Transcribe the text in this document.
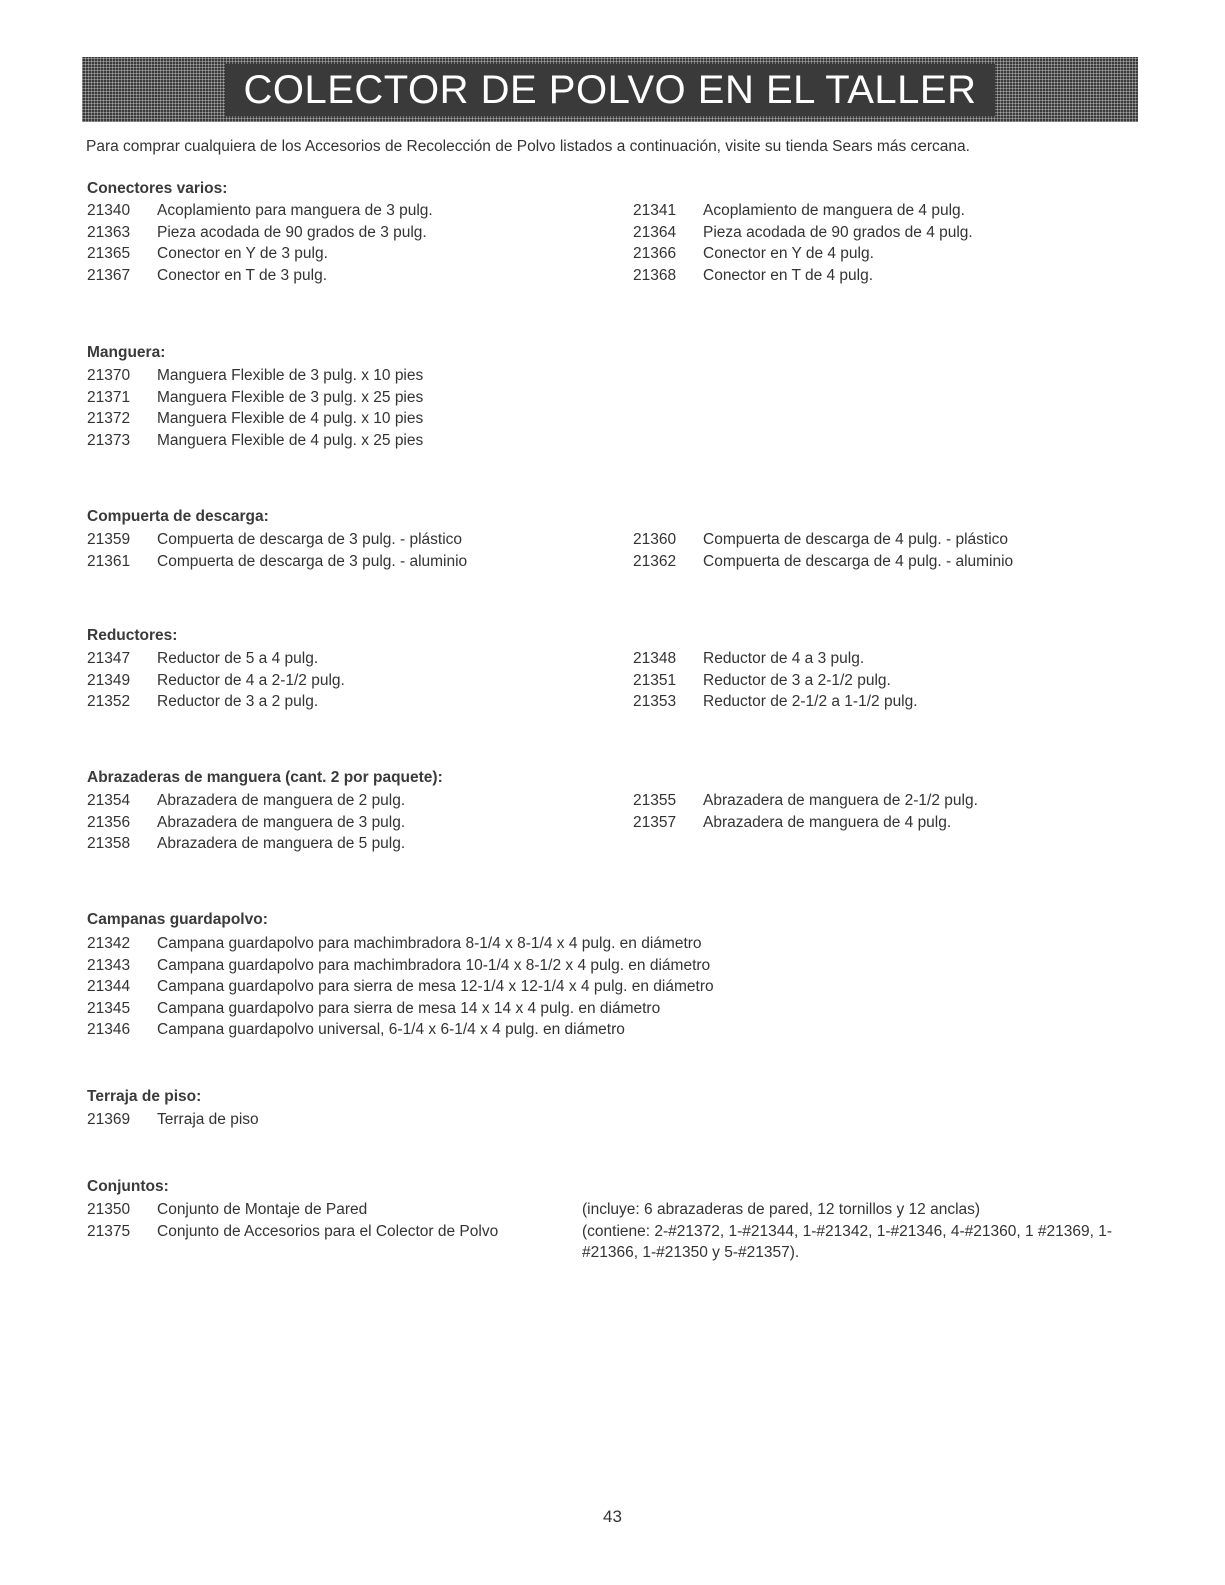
COLECTOR DE POLVO EN EL TALLER
Para comprar cualquiera de los Accesorios de Recolección de Polvo listados a continuación, visite su tienda Sears más cercana.
Conectores varios:
21340 Acoplamiento para manguera de 3 pulg.
21363 Pieza acodada de 90 grados de 3 pulg.
21365 Conector en Y de 3 pulg.
21367 Conector en T de 3 pulg.
21341 Acoplamiento de manguera de 4 pulg.
21364 Pieza acodada de 90 grados de 4 pulg.
21366 Conector en Y de 4 pulg.
21368 Conector en T de 4 pulg.
Manguera:
21370 Manguera Flexible de 3 pulg. x 10 pies
21371 Manguera Flexible de 3 pulg. x 25 pies
21372 Manguera Flexible de 4 pulg. x 10 pies
21373 Manguera Flexible de 4 pulg. x 25 pies
Compuerta de descarga:
21359 Compuerta de descarga de 3 pulg. - plástico
21361 Compuerta de descarga de 3 pulg. - aluminio
21360 Compuerta de descarga de 4 pulg. - plástico
21362 Compuerta de descarga de 4 pulg. - aluminio
Reductores:
21347 Reductor de 5 a 4 pulg.
21349 Reductor de 4 a 2-1/2 pulg.
21352 Reductor de 3 a 2 pulg.
21348 Reductor de 4 a 3 pulg.
21351 Reductor de 3 a 2-1/2 pulg.
21353 Reductor de 2-1/2 a 1-1/2 pulg.
Abrazaderas de manguera (cant. 2 por paquete):
21354 Abrazadera de manguera de 2 pulg.
21356 Abrazadera de manguera de 3 pulg.
21358 Abrazadera de manguera de 5 pulg.
21355 Abrazadera de manguera de 2-1/2 pulg.
21357 Abrazadera de manguera de 4 pulg.
Campanas guardapolvo:
21342 Campana guardapolvo para machimbradora 8-1/4 x 8-1/4 x 4 pulg. en diámetro
21343 Campana guardapolvo para machimbradora 10-1/4 x 8-1/2 x 4 pulg. en diámetro
21344 Campana guardapolvo para sierra de mesa 12-1/4 x 12-1/4 x 4 pulg. en diámetro
21345 Campana guardapolvo para sierra de mesa 14 x 14 x 4 pulg. en diámetro
21346 Campana guardapolvo universal, 6-1/4 x 6-1/4 x 4 pulg. en diámetro
Terraja de piso:
21369 Terraja de piso
Conjuntos:
21350 Conjunto de Montaje de Pared
21375 Conjunto de Accesorios para el Colector de Polvo
(incluye: 6 abrazaderas de pared, 12 tornillos y 12 anclas)
(contiene: 2-#21372, 1-#21344, 1-#21342, 1-#21346, 4-#21360, 1 #21369, 1-#21366, 1-#21350 y 5-#21357).
43
